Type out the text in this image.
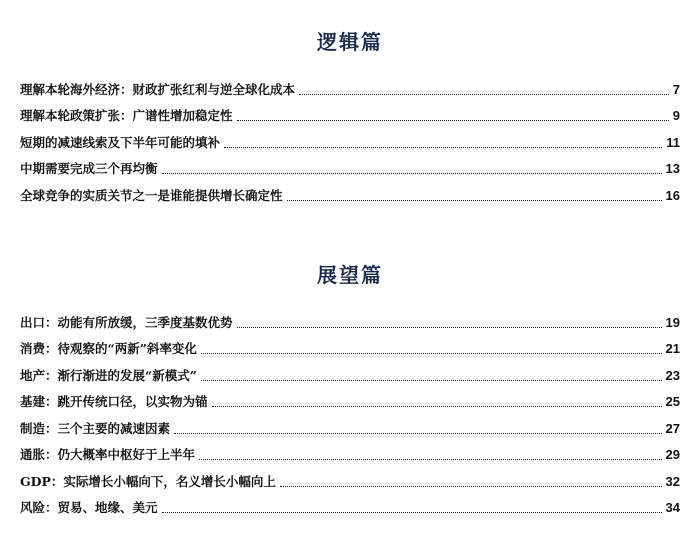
逻辑篇
理解本轮海外经济：财政扩张红利与逆全球化成本	7
理解本轮政策扩张：广谱性增加稳定性	9
短期的减速线索及下半年可能的填补	11
中期需要完成三个再均衡	13
全球竞争的实质关节之一是谁能提供增长确定性	16
展望篇
出口：动能有所放缓，三季度基数优势	19
消费：待观察的“两新”斜率变化	21
地产：渐行渐进的发展“新模式”	23
基建：跳开传统口径，以实物为锚	25
制造：三个主要的减速因素	27
通胀：仍大概率中枢好于上半年	29
GDP：实际增长小幅向下，名义增长小幅向上	32
风险：贸易、地缘、美元	34
